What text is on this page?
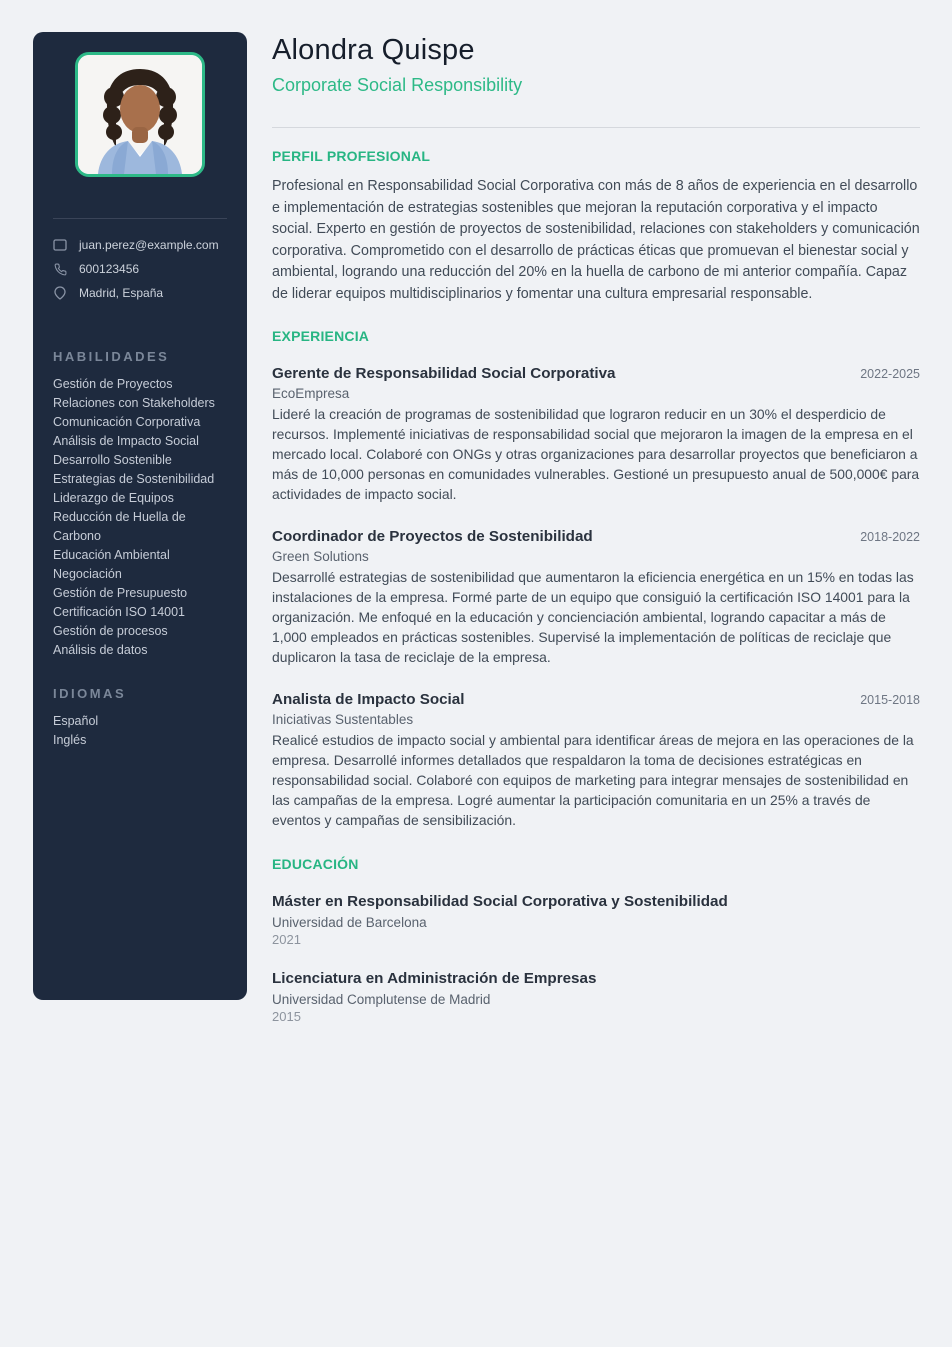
juan.perez@example.com
600123456
Madrid, España
HABILIDADES
Gestión de Proyectos
Relaciones con Stakeholders
Comunicación Corporativa
Análisis de Impacto Social
Desarrollo Sostenible
Estrategias de Sostenibilidad
Liderazgo de Equipos
Reducción de Huella de Carbono
Educación Ambiental
Negociación
Gestión de Presupuesto
Certificación ISO 14001
Gestión de procesos
Análisis de datos
IDIOMAS
Español
Inglés
Alondra Quispe
Corporate Social Responsibility
PERFIL PROFESIONAL

Profesional en Responsabilidad Social Corporativa con más de 8 años de experiencia en el desarrollo e implementación de estrategias sostenibles que mejoran la reputación corporativa y el impacto social. Experto en gestión de proyectos de sostenibilidad, relaciones con stakeholders y comunicación corporativa. Comprometido con el desarrollo de prácticas éticas que promuevan el bienestar social y ambiental, logrando una reducción del 20% en la huella de carbono de mi anterior compañía. Capaz de liderar equipos multidisciplinarios y fomentar una cultura empresarial responsable.

EXPERIENCIA
Gerente de Responsabilidad Social Corporativa	2022-2025
EcoEmpresa

Lideré la creación de programas de sostenibilidad que lograron reducir en un 30% el desperdicio de recursos. Implementé iniciativas de responsabilidad social que mejoraron la imagen de la empresa en el mercado local. Colaboré con ONGs y otras organizaciones para desarrollar proyectos que beneficiaron a más de 10,000 personas en comunidades vulnerables. Gestioné un presupuesto anual de 500,000€ para actividades de impacto social.

Coordinador de Proyectos de Sostenibilidad	2018-2022
Green Solutions

Desarrollé estrategias de sostenibilidad que aumentaron la eficiencia energética en un 15% en todas las instalaciones de la empresa. Formé parte de un equipo que consiguió la certificación ISO 14001 para la organización. Me enfoqué en la educación y concienciación ambiental, logrando capacitar a más de 1,000 empleados en prácticas sostenibles. Supervisé la implementación de políticas de reciclaje que duplicaron la tasa de reciclaje de la empresa.

Analista de Impacto Social	2015-2018
Iniciativas Sustentables

Realicé estudios de impacto social y ambiental para identificar áreas de mejora en las operaciones de la empresa. Desarrollé informes detallados que respaldaron la toma de decisiones estratégicas en responsabilidad social. Colaboré con equipos de marketing para integrar mensajes de sostenibilidad en las campañas de la empresa. Logré aumentar la participación comunitaria en un 25% a través de eventos y campañas de sensibilización.

EDUCACIÓN
Máster en Responsabilidad Social Corporativa y Sostenibilidad
Universidad de Barcelona
2021
Licenciatura en Administración de Empresas
Universidad Complutense de Madrid
2015
